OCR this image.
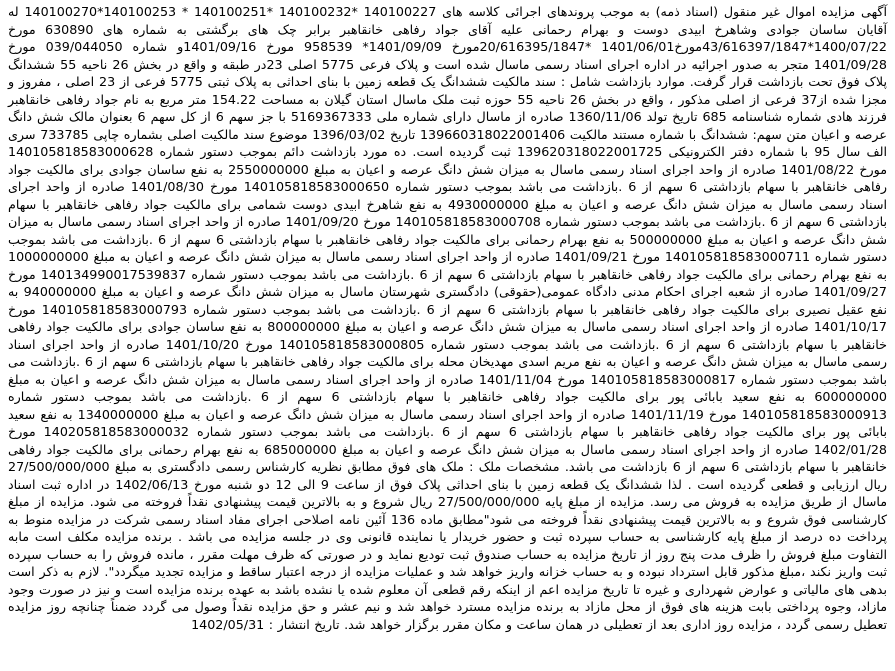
آگهی مزایده اموال غیر منقول (اسناد ذمه) به موجب پروندهای اجرائی کلاسه های 140100227 *140100232 *140100251 * 140100253*140100270 له آقایان ساسان جوادی وشاهرخ ابیدی دوست و بهرام رحمانی علیه آقای جواد رفاهی خانقاهبر برابر چک های برگشتی به شماره های 630890 مورخ 1400/07/22*43/616397/1847مورخ1401/06/01 *20/616395/1847مورخ 1401/09/09* 958539 مورخ 1401/09/16و شماره 039/044050 مورخ 1401/09/28 متجر به صدور اجرائیه در اداره اجرای اسناد رسمی ماسال شده است و پلاک فرعی 5775 اصلی 23در طبقه و واقع در بخش 26 ناحیه 55 ششدانگ پلاک فوق تحت بازداشت قرار گرفت. موارد بازداشت شامل : سند مالکیت ششدانگ یک قطعه زمین با بنای احداثی به پلاک ثبتی 5775 فرعی از 23 اصلی ، مفروز و مجزا شده از37 فرعی از اصلی مذکور ، واقع در بخش 26 ناحیه 55 حوزه ثبت ملک ماسال استان گیلان به مساحت 154.22 متر مربع به نام جواد رفاهی خانقاهبر فرزند هادی شماره شناسنامه 685 تاریخ تولد 1360/11/06 صادره از ماسال دارای شماره ملی 5169367333 با جز سهم 6 از کل سهم 6 بعنوان مالک شش دانگ عرصه و اعیان متن سهم: ششدانگ با شماره مستند مالکیت 139660318022001406 تاریخ 1396/03/02 موضوع سند مالکیت اصلی بشماره چاپی 733785 سری الف سال 95 با شماره دفتر الکترونیکی 139620318022001725 ثبت گردیده است. ده مورد بازداشت دائم بموجب دستور شماره 140105818583000628 مورخ 1401/08/22 صادره از واحد اجرای اسناد رسمی ماسال به میزان شش دانگ عرصه و اعیان به مبلغ 2550000000 به نفع ساسان جوادی برای مالکیت جواد رفاهی خانقاهبر با سهام بازداشتی 6 سهم از 6 .بازداشت می باشد بموجب دستور شماره 140105818583000650 مورخ 1401/08/30 صادره از واحد اجرای اسناد رسمی ماسال به میزان شش دانگ عرصه و اعیان به مبلغ 4930000000 به نفع شاهرخ ابیدی دوست شمامی برای مالکیت جواد رفاهی خانقاهبر با سهام بازداشتی 6 سهم از 6 .بازداشت می باشد بموجب دستور شماره 140105818583000708 مورخ 1401/09/20 صادره از واحد اجرای اسناد رسمی ماسال به میزان شش دانگ عرصه و اعیان به مبلغ 500000000 به نفع بهرام رحمانی برای مالکیت جواد رفاهی خانقاهبر با سهام بازداشتی 6 سهم از 6 .بازداشت می باشد بموجب دستور شماره 140105818583000711 مورخ 1401/09/21 صادره از واحد اجرای اسناد رسمی ماسال به میزان شش دانگ عرصه و اعیان به مبلغ 1000000000 به نفع بهرام رحمانی برای مالکیت جواد رفاهی خانقاهبر با سهام بازداشتی 6 سهم از 6 .بازداشت می باشد بموجب دستور شماره 140134990017539837 مورخ 1401/09/27 صادره از شعبه اجرای احکام مدنی دادگاه عمومی(حقوقی) دادگستری شهرستان ماسال به میزان شش دانگ عرصه و اعیان به مبلغ 940000000 به نفع عقیل نصیری برای مالکیت جواد رفاهی خانقاهبر با سهام بازداشتی 6 سهم از 6 .بازداشت می باشد بموجب دستور شماره 140105818583000793 مورخ 1401/10/17 صادره از واحد اجرای اسناد رسمی ماسال به میزان شش دانگ عرصه و اعیان به مبلغ 800000000 به نفع ساسان جوادی برای مالکیت جواد رفاهی خانقاهبر با سهام بازداشتی 6 سهم از 6 .بازداشت می باشد بموجب دستور شماره 140105818583000805 مورخ 1401/10/20 صادره از واحد اجرای اسناد رسمی ماسال به میزان شش دانگ عرصه و اعیان به نفع مریم اسدی مهدیخان محله برای مالکیت جواد رفاهی خانقاهبر با سهام بازداشتی 6 سهم از 6 .بازداشت می باشد بموجب دستور شماره 140105818583000817 مورخ 1401/11/04 صادره از واحد اجرای اسناد رسمی ماسال به میزان شش دانگ عرصه و اعیان به مبلغ 600000000 به نفع سعید بابائی پور برای مالکیت جواد رفاهی خانقاهبر با سهام بازداشتی 6 سهم از 6 .بازداشت می باشد بموجب دستور شماره 140105818583000913 مورخ 1401/11/19 صادره از واحد اجرای اسناد رسمی ماسال به میزان شش دانگ عرصه و اعیان به مبلغ 1340000000 به نفع سعید بابائی پور برای مالکیت جواد رفاهی خانقاهبر با سهام بازداشتی 6 سهم از 6 .بازداشت می باشد بموجب دستور شماره 140205818583000032 مورخ 1402/01/28 صادره از واحد اجرای اسناد رسمی ماسال به میزان شش دانگ عرصه و اعیان به مبلغ 685000000 به نفع بهرام رحمانی برای مالکیت جواد رفاهی خانقاهبر با سهام بازداشتی 6 سهم از 6 بازداشت می باشد. مشخصات ملک : ملک های فوق مطابق نظریه کارشناس رسمی دادگستری به مبلغ 27/500/000/000 ریال ارزیابی و قطعی گردیده است . لذا ششدانگ یک قطعه زمین با بنای احداثی پلاک فوق از ساعت 9 الی 12 دو شنبه مورخ 1402/06/13 در اداره ثبت اسناد ماسال از طریق مزایده به فروش می رسد. مزایده از مبلغ پایه 27/500/000/000 ریال شروع و به بالاترین قیمت پیشنهادی نقداً فروخته می شود. مزایده از مبلغ کارشناسی فوق شروع و به بالاترین قیمت پیشنهادی نقداً فروخته می شود"مطابق ماده 136 آئین نامه اصلاحی اجرای مفاد اسناد رسمی شرکت در مزایده منوط به پرداخت ده درصد از مبلغ پایه کارشناسی به حساب سپرده ثبت و حضور خریدار یا نماینده قانونی وی در جلسه مزایده می باشد . برنده مزایده مکلف است مابه التفاوت مبلغ فروش را ظرف مدت پنج روز از تاریخ مزایده به حساب صندوق ثبت تودیع نماید و در صورتی که ظرف مهلت مقرر ، مانده فروش را به حساب سپرده ثبت واریز نکند ،مبلغ مذکور قابل استرداد نبوده و به حساب خزانه واریز خواهد شد و عملیات مزایده از درجه اعتبار ساقط و مزایده تجدید میگردد". لازم به ذکر است بدهی های مالیاتی و عوارض شهرداری و غیره تا تاریخ مزایده اعم از اینکه رقم قطعی آن معلوم شده یا نشده باشد به عهده برنده مزایده است و نیز در صورت وجود مازاد، وجوه پرداختی بابت هزینه های فوق از محل مازاد به برنده مزایده مسترد خواهد شد و نیم عشر و حق مزایده نقداً وصول می گردد ضمناً چنانچه روز مزایده تعطیل رسمی گردد ، مزایده روز اداری بعد از تعطیلی در همان ساعت و مکان مقرر برگزار خواهد شد. تاریخ انتشار : 1402/05/31
